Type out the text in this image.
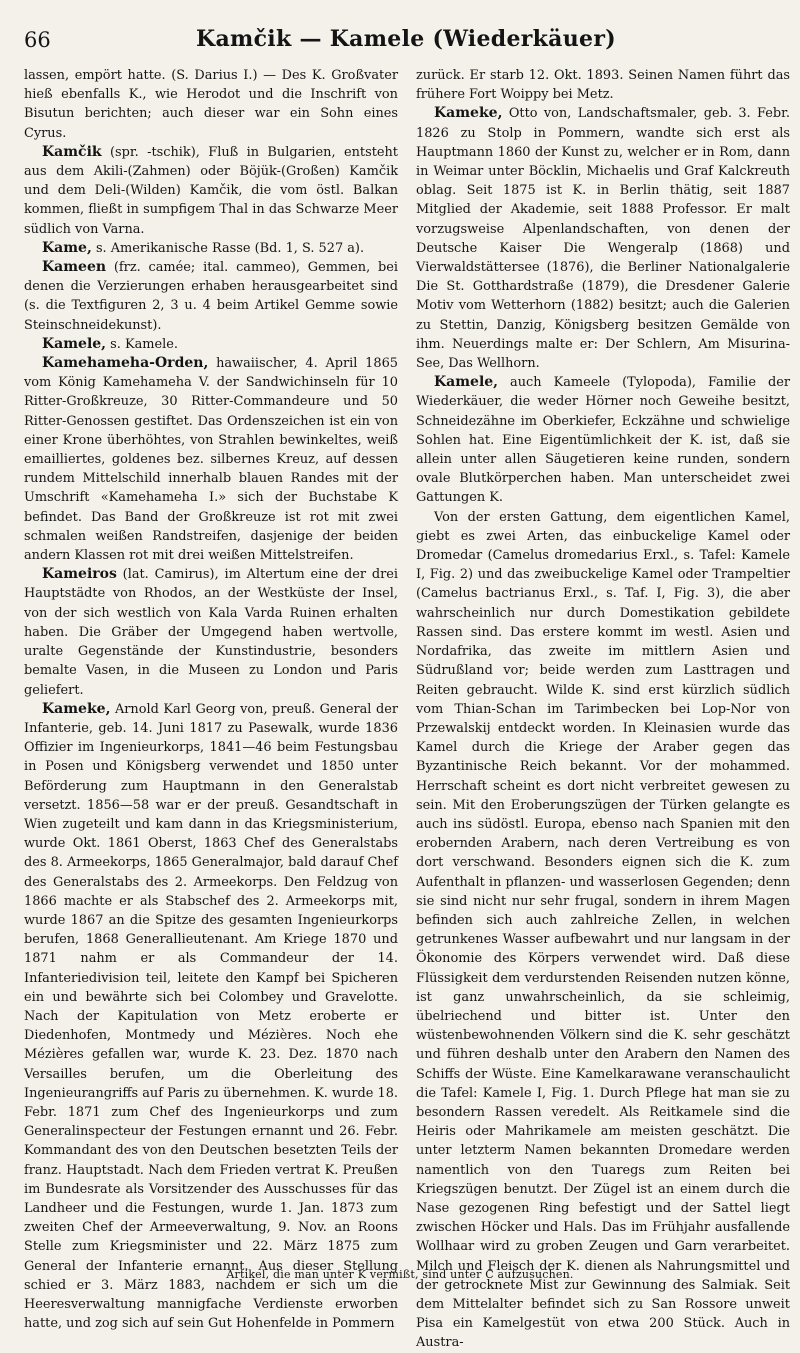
66	Kamčik — Kamele (Wiederkäuer)

lassen, empört hatte. (S. Darius I.) — Des K. Großvater hieß ebenfalls K., wie Herodot und die Inschrift von Bisutun berichten; auch dieser war ein Sohn eines Cyrus.

Kamčik (spr. -tschik), Fluß in Bulgarien, entsteht aus dem Akili-(Zahmen) oder Böjük-(Großen) Kamčik und dem Deli-(Wilden) Kamčik, die vom östl. Balkan kommen, fließt in sumpfigem Thal in das Schwarze Meer südlich von Varna.

Kame, s. Amerikanische Rasse (Bd. 1, S. 527 a).

Kameen (frz. camée; ital. cammeo), Gemmen, bei denen die Verzierungen erhaben herausgearbeitet sind (s. die Textfiguren 2, 3 u. 4 beim Artikel Gemme sowie Steinschneidekunst).

Kamele, s. Kamele.

Kamehameha-Orden, hawaiischer, 4. April 1865 vom König Kamehameha V. der Sandwichinseln für 10 Ritter-Großkreuze, 30 Ritter-Commandeure und 50 Ritter-Genossen gestiftet. Das Ordenszeichen ist ein von einer Krone überhöhtes, von Strahlen bewinkeltes, weiß emailliertes, goldenes bez. silbernes Kreuz, auf dessen rundem Mittelschild innerhalb blauen Randes mit der Umschrift «Kamehameha I.» sich der Buchstabe K befindet. Das Band der Großkreuze ist rot mit zwei schmalen weißen Randstreifen, dasjenige der beiden andern Klassen rot mit drei weißen Mittelstreifen.

Kameiros (lat. Camirus), im Altertum eine der drei Hauptstädte von Rhodos, an der Westküste der Insel, von der sich westlich von Kala Varda Ruinen erhalten haben. Die Gräber der Umgegend haben wertvolle, uralte Gegenstände der Kunstindustrie, besonders bemalte Vasen, in die Museen zu London und Paris geliefert.

Kameke, Arnold Karl Georg von, preuß. General der Infanterie, geb. 14. Juni 1817 zu Pasewalk, wurde 1836 Offizier im Ingenieurkorps, 1841—46 beim Festungsbau in Posen und Königsberg verwendet und 1850 unter Beförderung zum Hauptmann in den Generalstab versetzt. 1856—58 war er der preuß. Gesandtschaft in Wien zugeteilt und kam dann in das Kriegsministerium, wurde Okt. 1861 Oberst, 1863 Chef des Generalstabs des 8. Armeekorps, 1865 Generalmajor, bald darauf Chef des Generalstabs des 2. Armeekorps. Den Feldzug von 1866 machte er als Stabschef des 2. Armeekorps mit, wurde 1867 an die Spitze des gesamten Ingenieurkorps berufen, 1868 Generallieutenant. Am Kriege 1870 und 1871 nahm er als Commandeur der 14. Infanteriedivision teil, leitete den Kampf bei Spicheren ein und bewährte sich bei Colombey und Gravelotte. Nach der Kapitulation von Metz eroberte er Diedenhofen, Montmedy und Mézières. Noch ehe Mézières gefallen war, wurde K. 23. Dez. 1870 nach Versailles berufen, um die Oberleitung des Ingenieurangriffs auf Paris zu übernehmen. K. wurde 18. Febr. 1871 zum Chef des Ingenieurkorps und zum Generalinspecteur der Festungen ernannt und 26. Febr. Kommandant des von den Deutschen besetzten Teils der franz. Hauptstadt. Nach dem Frieden vertrat K. Preußen im Bundesrate als Vorsitzender des Ausschusses für das Landheer und die Festungen, wurde 1. Jan. 1873 zum zweiten Chef der Armeeverwaltung, 9. Nov. an Roons Stelle zum Kriegsminister und 22. März 1875 zum General der Infanterie ernannt. Aus dieser Stellung schied er 3. März 1883, nachdem er sich um die Heeresverwaltung mannigfache Verdienste erworben hatte, und zog sich auf sein Gut Hohenfelde in Pommern

zurück. Er starb 12. Okt. 1893. Seinen Namen führt das frühere Fort Woippy bei Metz.

Kameke, Otto von, Landschaftsmaler, geb. 3. Febr. 1826 zu Stolp in Pommern, wandte sich erst als Hauptmann 1860 der Kunst zu, welcher er in Rom, dann in Weimar unter Böcklin, Michaelis und Graf Kalckreuth oblag. Seit 1875 ist K. in Berlin thätig, seit 1887 Mitglied der Akademie, seit 1888 Professor. Er malt vorzugsweise Alpenlandschaften, von denen der Deutsche Kaiser Die Wengeralp (1868) und Vierwaldstättersee (1876), die Berliner Nationalgalerie Die St. Gotthardstraße (1879), die Dresdener Galerie Motiv vom Wetterhorn (1882) besitzt; auch die Galerien zu Stettin, Danzig, Königsberg besitzen Gemälde von ihm. Neuerdings malte er: Der Schlern, Am Misurina-See, Das Wellhorn.

Kamele, auch Kameele (Tylopoda), Familie der Wiederkäuer, die weder Hörner noch Geweihe besitzt, Schneidezähne im Oberkiefer, Eckzähne und schwielige Sohlen hat. Eine Eigentümlichkeit der K. ist, daß sie allein unter allen Säugetieren keine runden, sondern ovale Blutkörperchen haben. Man unterscheidet zwei Gattungen K.

Von der ersten Gattung, dem eigentlichen Kamel, giebt es zwei Arten, das einbuckelige Kamel oder Dromedar (Camelus dromedarius Erxl., s. Tafel: Kamele I, Fig. 2) und das zweibuckelige Kamel oder Trampeltier (Camelus bactrianus Erxl., s. Taf. I, Fig. 3), die aber wahrscheinlich nur durch Domestikation gebildete Rassen sind. Das erstere kommt im westl. Asien und Nordafrika, das zweite im mittlern Asien und Südrußland vor; beide werden zum Lasttragen und Reiten gebraucht. Wilde K. sind erst kürzlich südlich vom Thian-Schan im Tarimbecken bei Lop-Nor von Przewalskij entdeckt worden. In Kleinasien wurde das Kamel durch die Kriege der Araber gegen das Byzantinische Reich bekannt. Vor der mohammed. Herrschaft scheint es dort nicht verbreitet gewesen zu sein. Mit den Eroberungszügen der Türken gelangte es auch ins südöstl. Europa, ebenso nach Spanien mit den erobernden Arabern, nach deren Vertreibung es von dort verschwand. Besonders eignen sich die K. zum Aufenthalt in pflanzen- und wasserlosen Gegenden; denn sie sind nicht nur sehr frugal, sondern in ihrem Magen befinden sich auch zahlreiche Zellen, in welchen getrunkenes Wasser aufbewahrt und nur langsam in der Ökonomie des Körpers verwendet wird. Daß diese Flüssigkeit dem verdurstenden Reisenden nutzen könne, ist ganz unwahrscheinlich, da sie schleimig, übelriechend und bitter ist. Unter den wüstenbewohnenden Völkern sind die K. sehr geschätzt und führen deshalb unter den Arabern den Namen des Schiffs der Wüste. Eine Kamelkarawane veranschaulicht die Tafel: Kamele I, Fig. 1. Durch Pflege hat man sie zu besondern Rassen veredelt. Als Reitkamele sind die Heiris oder Mahrikamele am meisten geschätzt. Die unter letzterm Namen bekannten Dromedare werden namentlich von den Tuaregs zum Reiten bei Kriegszügen benutzt. Der Zügel ist an einem durch die Nase gezogenen Ring befestigt und der Sattel liegt zwischen Höcker und Hals. Das im Frühjahr ausfallende Wollhaar wird zu groben Zeugen und Garn verarbeitet. Milch und Fleisch der K. dienen als Nahrungsmittel und der getrocknete Mist zur Gewinnung des Salmiak. Seit dem Mittelalter befindet sich zu San Rossore unweit Pisa ein Kamelgestüt von etwa 200 Stück. Auch in Austra-

Artikel, die man unter K vermißt, sind unter C aufzusuchen.
